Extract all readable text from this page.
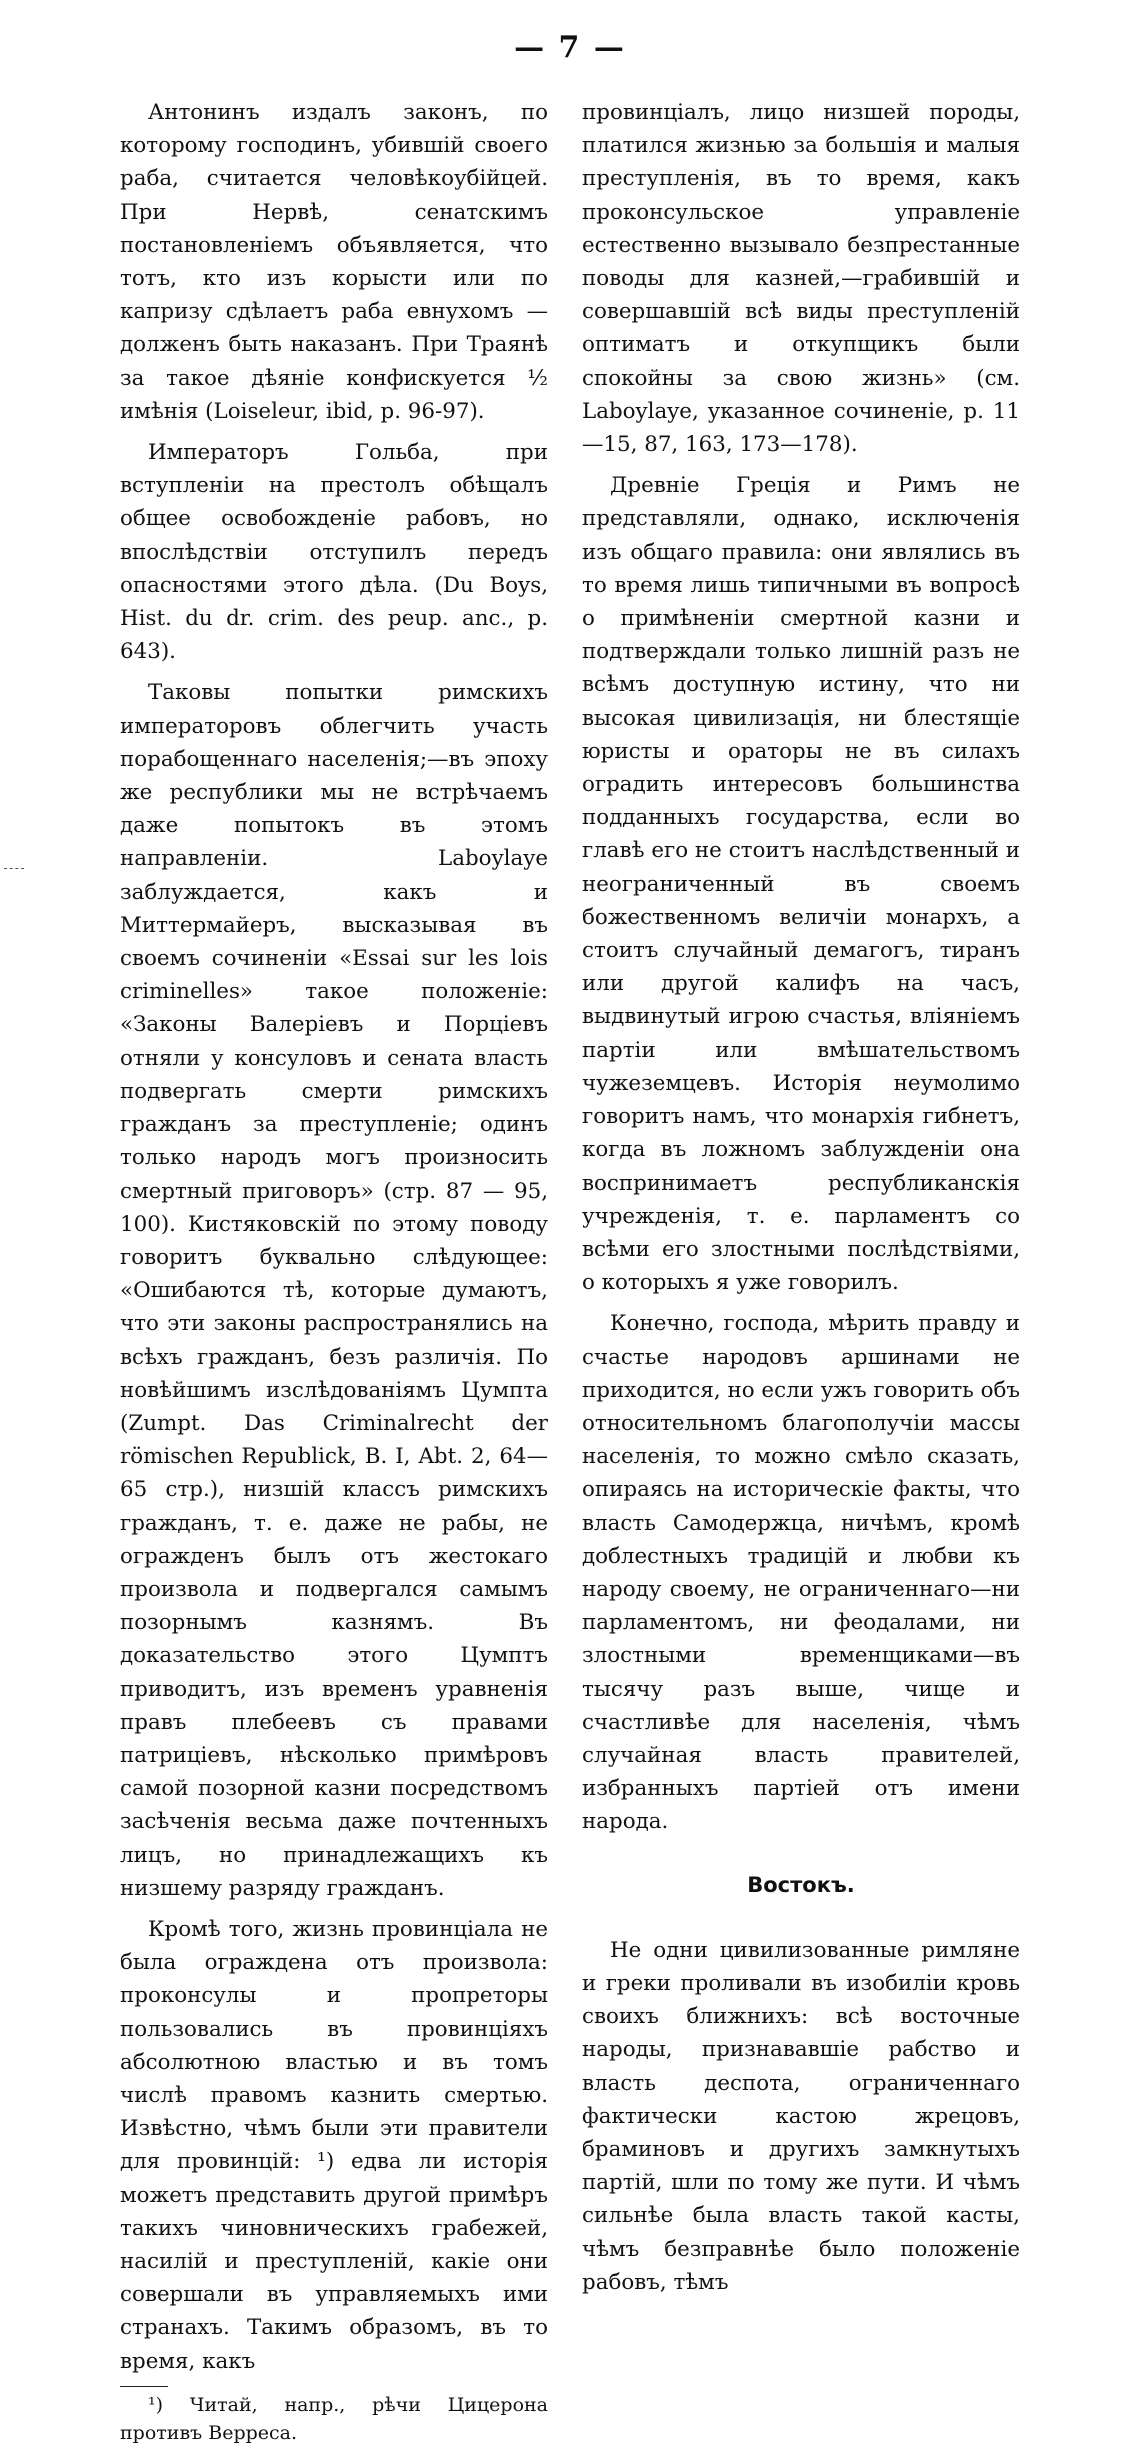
— 7 —

Антонинъ издалъ законъ, по которому господинъ, убившій своего раба, считается человѣкоубійцей. При Нервѣ, сенатскимъ постановленіемъ объявляется, что тотъ, кто изъ корысти или по капризу сдѣлаетъ раба евнухомъ — долженъ быть наказанъ. При Траянѣ за такое дѣяніе конфискуется ½ имѣнія (Loiseleur, ibid, p. 96-97).

Императоръ Гольба, при вступленіи на престолъ обѣщалъ общее освобожденіе рабовъ, но впослѣдствіи отступилъ передъ опасностями этого дѣла. (Du Boys, Hist. du dr. crim. des peup. anc., p. 643).

Таковы попытки римскихъ императоровъ облегчить участь порабощеннаго населенія;—въ эпоху же республики мы не встрѣчаемъ даже попытокъ въ этомъ направленіи. Laboylaye заблуждается, какъ и Миттермайеръ, высказывая въ своемъ сочиненіи «Essai sur les lois criminelles» такое положеніе: «Законы Валеріевъ и Порціевъ отняли у консуловъ и сената власть подвергать смерти римскихъ гражданъ за преступленіе; одинъ только народъ могъ произносить смертный приговоръ» (стр. 87 — 95, 100). Кистяковскій по этому поводу говоритъ буквально слѣдующее: «Ошибаются тѣ, которые думаютъ, что эти законы распространялись на всѣхъ гражданъ, безъ различія. По новѣйшимъ изслѣдованіямъ Цумпта (Zumpt. Das Criminalrecht der römischen Republick, B. I, Abt. 2, 64—65 стр.), низшій классъ римскихъ гражданъ, т. е. даже не рабы, не огражденъ былъ отъ жестокаго произвола и подвергался самымъ позорнымъ казнямъ. Въ доказательство этого Цумптъ приводитъ, изъ временъ уравненія правъ плебеевъ съ правами патриціевъ, нѣсколько примѣровъ самой позорной казни посредствомъ засѣченія весьма даже почтенныхъ лицъ, но принадлежащихъ къ низшему разряду гражданъ.

Кромѣ того, жизнь провинціала не была ограждена отъ произвола: проконсулы и пропреторы пользовались въ провинціяхъ абсолютною властью и въ томъ числѣ правомъ казнить смертью. Извѣстно, чѣмъ были эти правители для провинцій: ¹) едва ли исторія можетъ представить другой примѣръ такихъ чиновническихъ грабежей, насилій и преступленій, какіе они совершали въ управляемыхъ ими странахъ. Такимъ образомъ, въ то время, какъ

¹) Читай, напр., рѣчи Цицерона противъ Верреса.

провинціалъ, лицо низшей породы, платился жизнью за большія и малыя преступленія, въ то время, какъ проконсульское управленіе естественно вызывало безпрестанные поводы для казней,—грабившій и совершавшій всѣ виды преступленій оптиматъ и откупщикъ были спокойны за свою жизнь» (см. Laboylaye, указанное сочиненіе, p. 11—15, 87, 163, 173—178).

Древніе Греція и Римъ не представляли, однако, исключенія изъ общаго правила: они являлись въ то время лишь типичными въ вопросѣ о примѣненіи смертной казни и подтверждали только лишній разъ не всѣмъ доступную истину, что ни высокая цивилизація, ни блестящіе юристы и ораторы не въ силахъ оградить интересовъ большинства подданныхъ государства, если во главѣ его не стоитъ наслѣдственный и неограниченный въ своемъ божественномъ величіи монархъ, а стоитъ случайный демагогъ, тиранъ или другой калифъ на часъ, выдвинутый игрою счастья, вліяніемъ партіи или вмѣшательствомъ чужеземцевъ. Исторія неумолимо говоритъ намъ, что монархія гибнетъ, когда въ ложномъ заблужденіи она воспринимаетъ республиканскія учрежденія, т. е. парламентъ со всѣми его злостными послѣдствіями, о которыхъ я уже говорилъ.

Конечно, господа, мѣрить правду и счастье народовъ аршинами не приходится, но если ужъ говорить объ относительномъ благополучіи массы населенія, то можно смѣло сказать, опираясь на историческіе факты, что власть Самодержца, ничѣмъ, кромѣ доблестныхъ традицій и любви къ народу своему, не ограниченнаго—ни парламентомъ, ни феодалами, ни злостными временщиками—въ тысячу разъ выше, чище и счастливѣе для населенія, чѣмъ случайная власть правителей, избранныхъ партіей отъ имени народа.

Востокъ.

Не одни цивилизованные римляне и греки проливали въ изобиліи кровь своихъ ближнихъ: всѣ восточные народы, признававшіе рабство и власть деспота, ограниченнаго фактически кастою жрецовъ, браминовъ и другихъ замкнутыхъ партій, шли по тому же пути. И чѣмъ сильнѣе была власть такой касты, чѣмъ безправнѣе было положеніе рабовъ, тѣмъ
